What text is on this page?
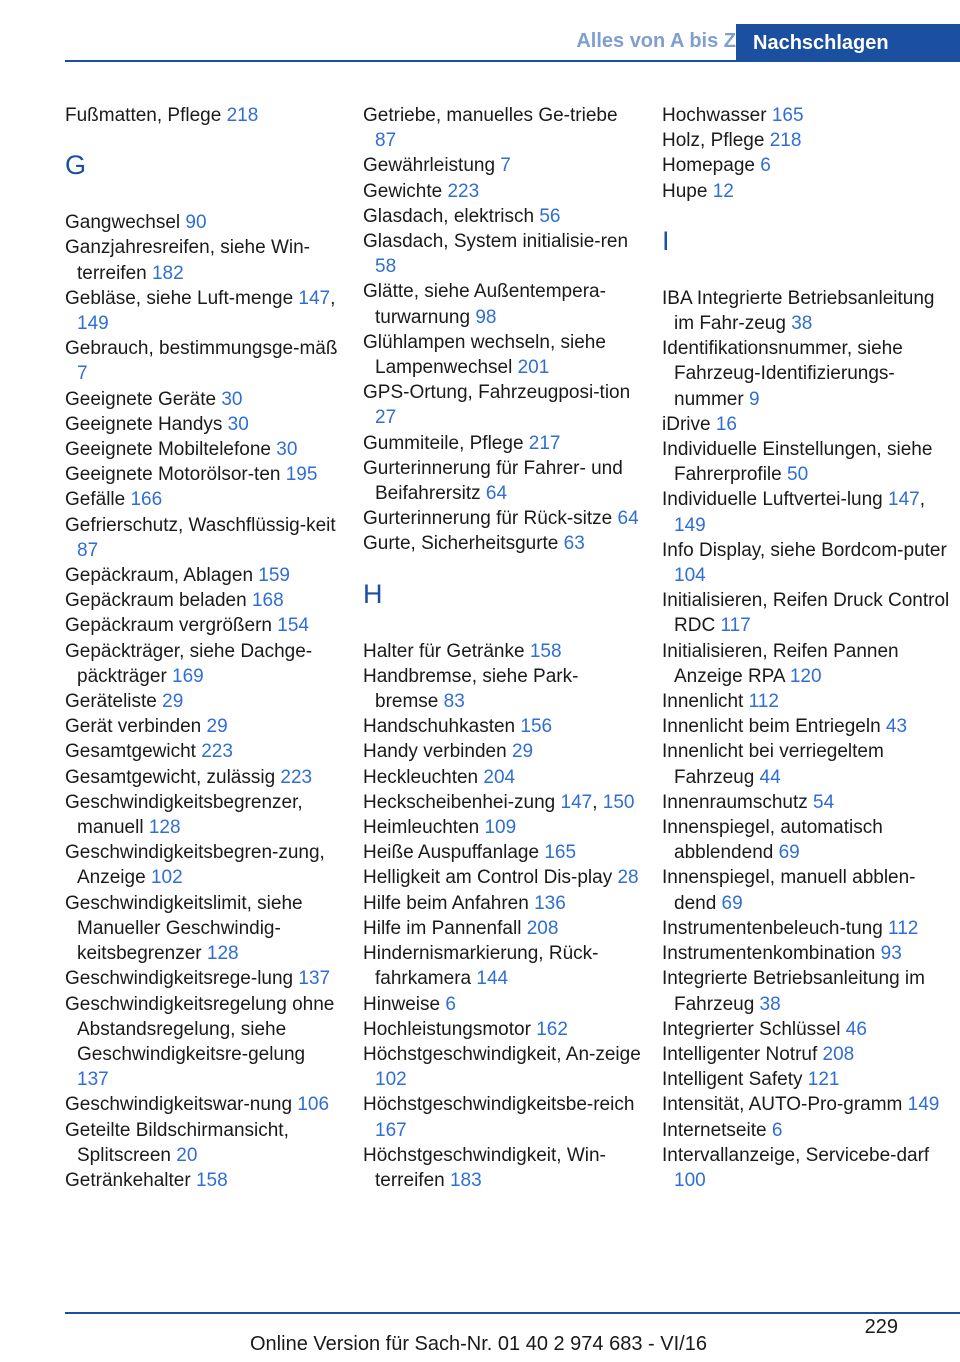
Alles von A bis Z Nachschlagen
Fußmatten, Pflege 218
G
Gangwechsel 90
Ganzjahresreifen, siehe Win‐terreifen 182
Gebläse, siehe Luft‐menge 147, 149
Gebrauch, bestimmungsge‐mäß 7
Geeignete Geräte 30
Geeignete Handys 30
Geeignete Mobiltelefone 30
Geeignete Motorölsor‐ten 195
Gefälle 166
Gefrierschutz, Waschflüssig‐keit 87
Gepäckraum, Ablagen 159
Gepäckraum beladen 168
Gepäckraum vergrößern 154
Gepäckträger, siehe Dachge‐päckträger 169
Geräteliste 29
Gerät verbinden 29
Gesamtgewicht 223
Gesamtgewicht, zulässig 223
Geschwindigkeitsbegrenzer, manuell 128
Geschwindigkeitsbegren‐zung, Anzeige 102
Geschwindigkeitslimit, siehe Manueller Geschwindig‐keitsbegrenzer 128
Geschwindigkeitsrege‐lung 137
Geschwindigkeitsregelung ohne Abstandsregelung, siehe Geschwindigkeitsre‐gelung 137
Geschwindigkeitswar‐nung 106
Geteilte Bildschirmansicht, Splitscreen 20
Getränkehalter 158
Getriebe, manuelles Ge‐triebe 87
Gewährleistung 7
Gewichte 223
Glasdach, elektrisch 56
Glasdach, System initialisie‐ren 58
Glätte, siehe Außentempera‐turwarnung 98
Glühlampen wechseln, siehe Lampenwechsel 201
GPS-Ortung, Fahrzeugposi‐tion 27
Gummiteile, Pflege 217
Gurterinnerung für Fahrer- und Beifahrersitz 64
Gurterinnerung für Rück‐sitze 64
Gurte, Sicherheitsgurte 63
H
Halter für Getränke 158
Handbremse, siehe Park‐bremse 83
Handschuhkasten 156
Handy verbinden 29
Heckleuchten 204
Heckscheibenhei‐zung 147, 150
Heimleuchten 109
Heiße Auspuffanlage 165
Helligkeit am Control Dis‐play 28
Hilfe beim Anfahren 136
Hilfe im Pannenfall 208
Hindernismarkierung, Rück‐fahrkamera 144
Hinweise 6
Hochleistungsmotor 162
Höchstgeschwindigkeit, An‐zeige 102
Höchstgeschwindigkeitsbe‐reich 167
Höchstgeschwindigkeit, Win‐terreifen 183
Hochwasser 165
Holz, Pflege 218
Homepage 6
Hupe 12
I
IBA Integrierte Betriebsanleitung im Fahr‐zeug 38
Identifikationsnummer, siehe Fahrzeug-Identifizierungs‐nummer 9
iDrive 16
Individuelle Einstellungen, siehe Fahrerprofile 50
Individuelle Luftvertei‐lung 147, 149
Info Display, siehe Bordcom‐puter 104
Initialisieren, Reifen Druck Control RDC 117
Initialisieren, Reifen Pannen Anzeige RPA 120
Innenlicht 112
Innenlicht beim Entriegeln 43
Innenlicht bei verriegeltem Fahrzeug 44
Innenraumschutz 54
Innenspiegel, automatisch abblendend 69
Innenspiegel, manuell abblen‐dend 69
Instrumentenbeleuch‐tung 112
Instrumentenkombination 93
Integrierte Betriebsanleitung im Fahrzeug 38
Integrierter Schlüssel 46
Intelligenter Notruf 208
Intelligent Safety 121
Intensität, AUTO-Pro‐gramm 149
Internetseite 6
Intervallanzeige, Servicebe‐darf 100
229
Online Version für Sach-Nr. 01 40 2 974 683 - VI/16
